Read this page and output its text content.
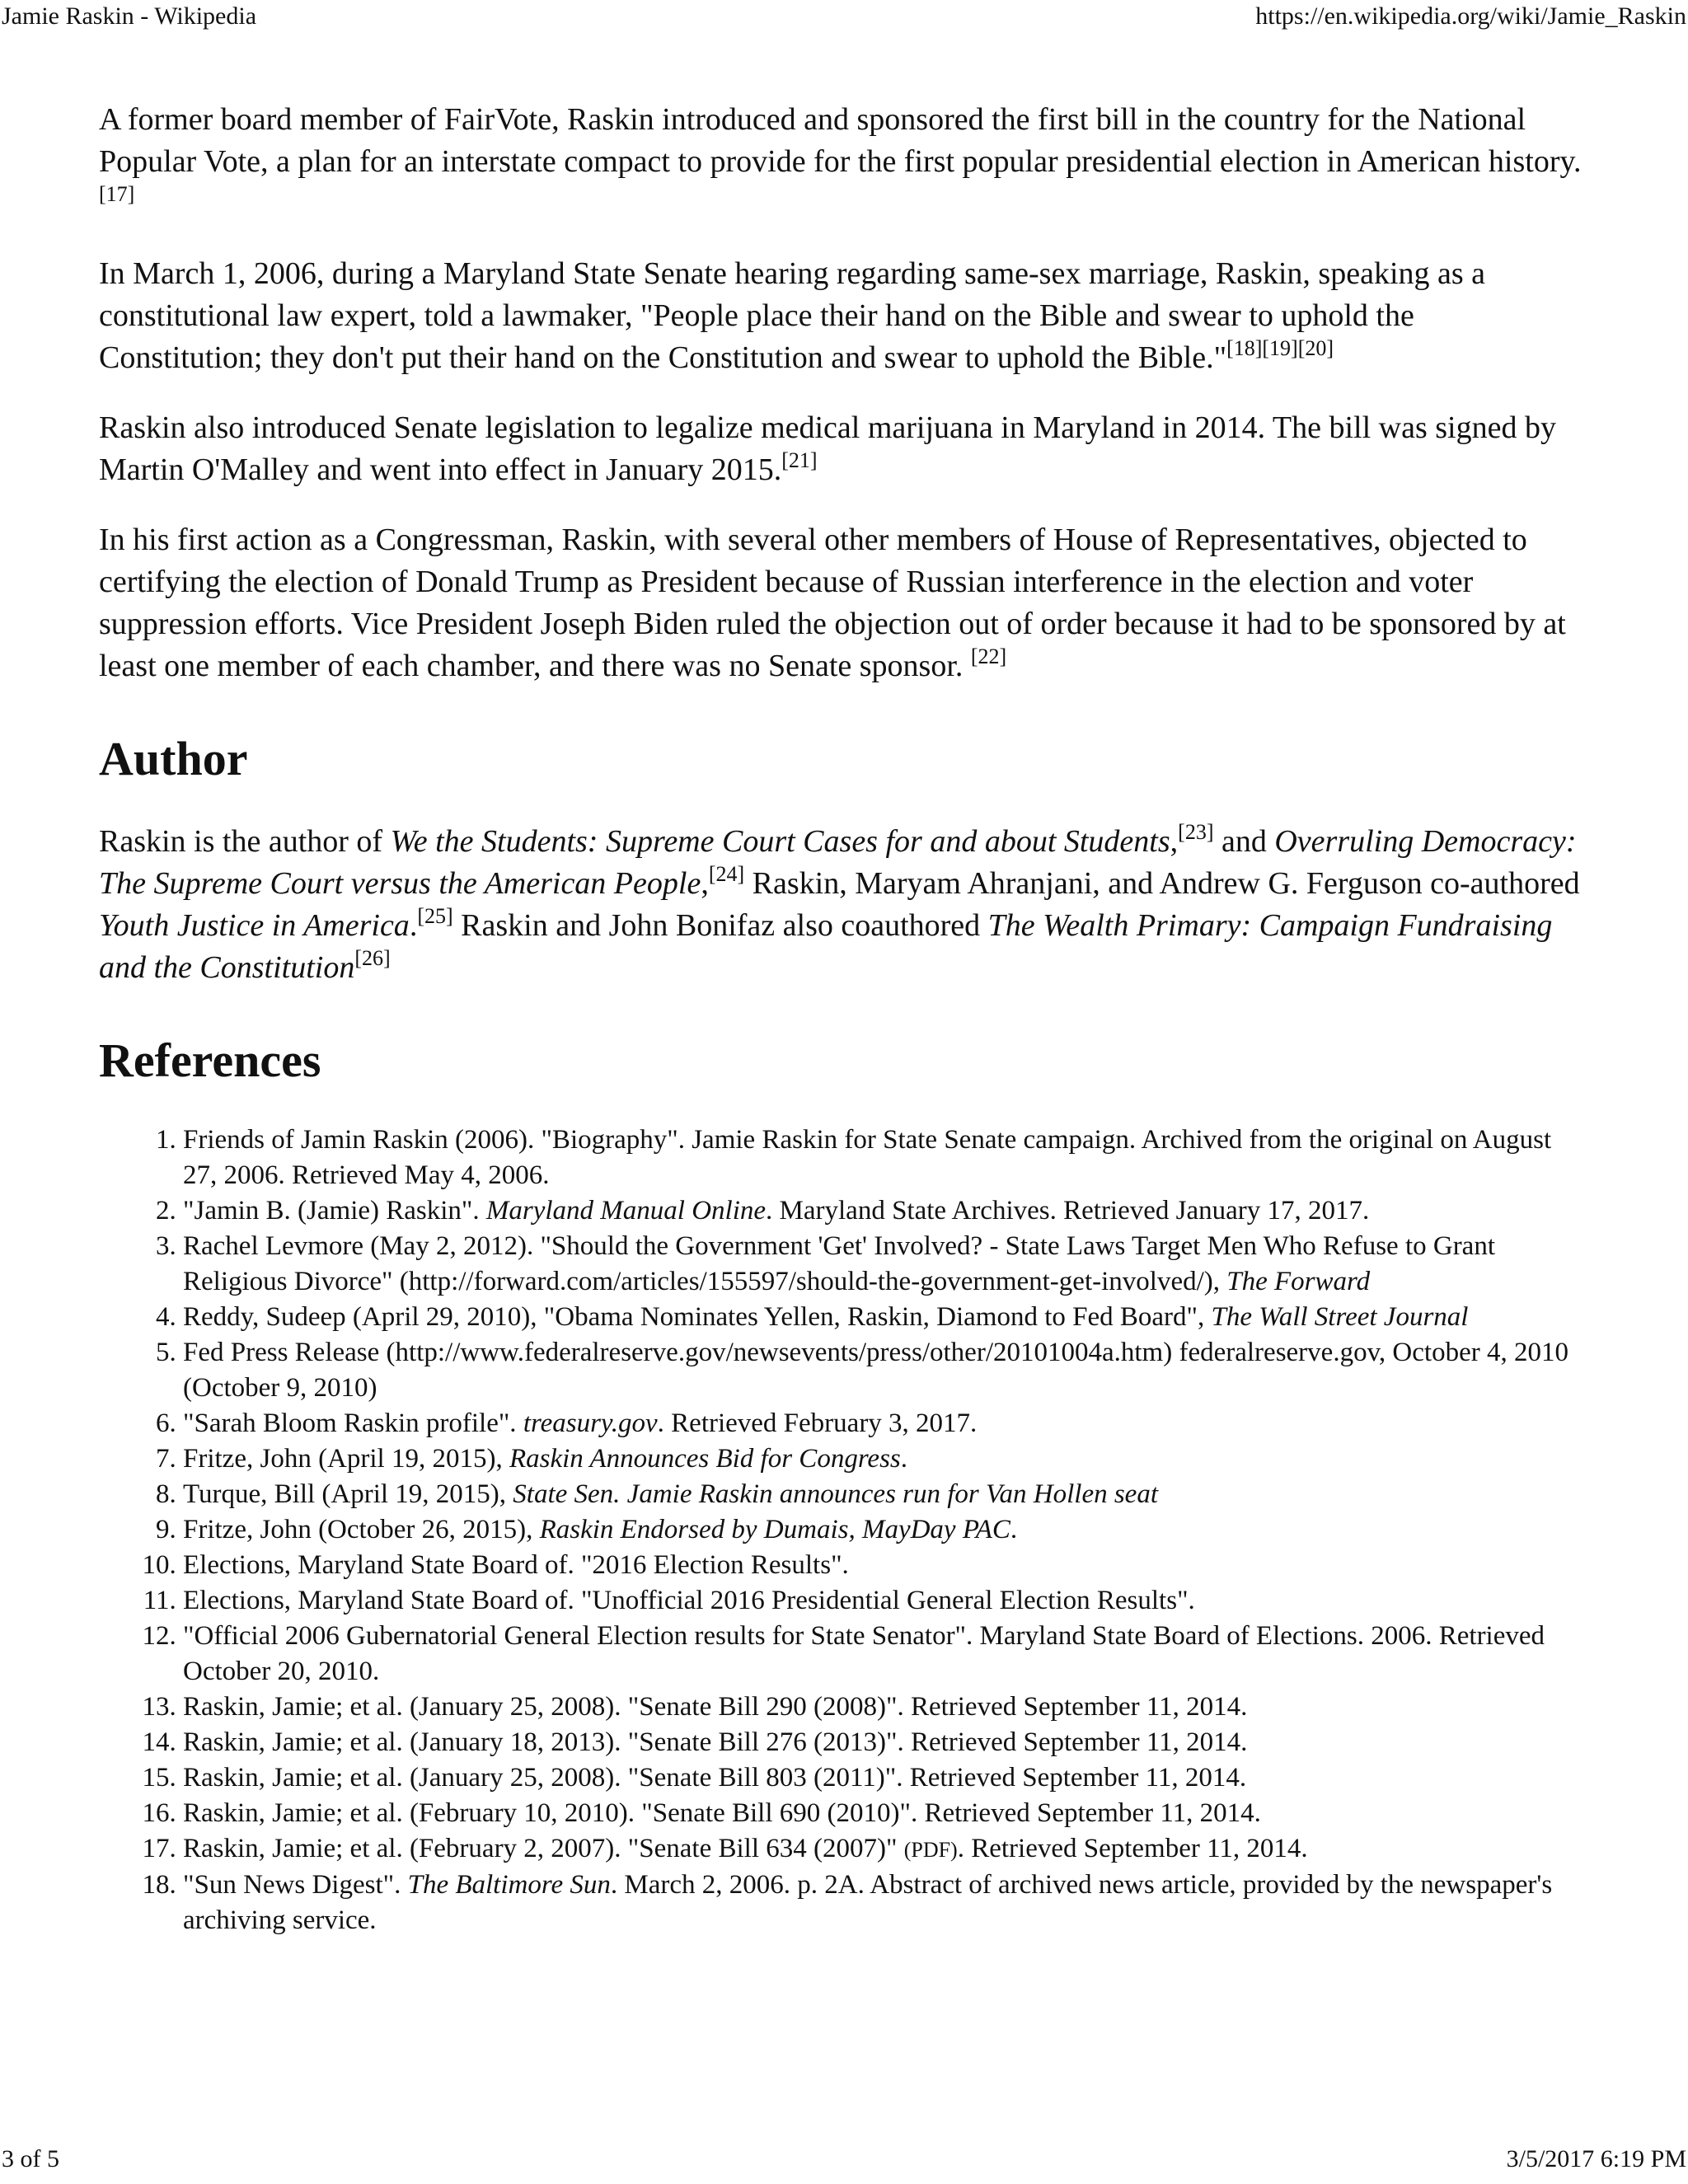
Jamie Raskin - Wikipedia	https://en.wikipedia.org/wiki/Jamie_Raskin

A former board member of FairVote, Raskin introduced and sponsored the first bill in the country for the National Popular Vote, a plan for an interstate compact to provide for the first popular presidential election in American history.[17]

In March 1, 2006, during a Maryland State Senate hearing regarding same-sex marriage, Raskin, speaking as a constitutional law expert, told a lawmaker, "People place their hand on the Bible and swear to uphold the Constitution; they don't put their hand on the Constitution and swear to uphold the Bible."[18][19][20]

Raskin also introduced Senate legislation to legalize medical marijuana in Maryland in 2014. The bill was signed by Martin O'Malley and went into effect in January 2015.[21]

In his first action as a Congressman, Raskin, with several other members of House of Representatives, objected to certifying the election of Donald Trump as President because of Russian interference in the election and voter suppression efforts. Vice President Joseph Biden ruled the objection out of order because it had to be sponsored by at least one member of each chamber, and there was no Senate sponsor. [22]

Author

Raskin is the author of We the Students: Supreme Court Cases for and about Students,[23] and Overruling Democracy: The Supreme Court versus the American People,[24] Raskin, Maryam Ahranjani, and Andrew G. Ferguson co-authored Youth Justice in America.[25] Raskin and John Bonifaz also coauthored The Wealth Primary: Campaign Fundraising and the Constitution[26]

References
1. Friends of Jamin Raskin (2006). "Biography". Jamie Raskin for State Senate campaign. Archived from the original on August 27, 2006. Retrieved May 4, 2006.
2. "Jamin B. (Jamie) Raskin". Maryland Manual Online. Maryland State Archives. Retrieved January 17, 2017.
3. Rachel Levmore (May 2, 2012). "Should the Government 'Get' Involved? - State Laws Target Men Who Refuse to Grant Religious Divorce" (http://forward.com/articles/155597/should-the-government-get-involved/), The Forward
4. Reddy, Sudeep (April 29, 2010), "Obama Nominates Yellen, Raskin, Diamond to Fed Board", The Wall Street Journal
5. Fed Press Release (http://www.federalreserve.gov/newsevents/press/other/20101004a.htm) federalreserve.gov, October 4, 2010 (October 9, 2010)
6. "Sarah Bloom Raskin profile". treasury.gov. Retrieved February 3, 2017.
7. Fritze, John (April 19, 2015), Raskin Announces Bid for Congress.
8. Turque, Bill (April 19, 2015), State Sen. Jamie Raskin announces run for Van Hollen seat
9. Fritze, John (October 26, 2015), Raskin Endorsed by Dumais, MayDay PAC.
10. Elections, Maryland State Board of. "2016 Election Results".
11. Elections, Maryland State Board of. "Unofficial 2016 Presidential General Election Results".
12. "Official 2006 Gubernatorial General Election results for State Senator". Maryland State Board of Elections. 2006. Retrieved October 20, 2010.
13. Raskin, Jamie; et al. (January 25, 2008). "Senate Bill 290 (2008)". Retrieved September 11, 2014.
14. Raskin, Jamie; et al. (January 18, 2013). "Senate Bill 276 (2013)". Retrieved September 11, 2014.
15. Raskin, Jamie; et al. (January 25, 2008). "Senate Bill 803 (2011)". Retrieved September 11, 2014.
16. Raskin, Jamie; et al. (February 10, 2010). "Senate Bill 690 (2010)". Retrieved September 11, 2014.
17. Raskin, Jamie; et al. (February 2, 2007). "Senate Bill 634 (2007)" (PDF). Retrieved September 11, 2014.
18. "Sun News Digest". The Baltimore Sun. March 2, 2006. p. 2A. Abstract of archived news article, provided by the newspaper's archiving service.
3 of 5	3/5/2017 6:19 PM
